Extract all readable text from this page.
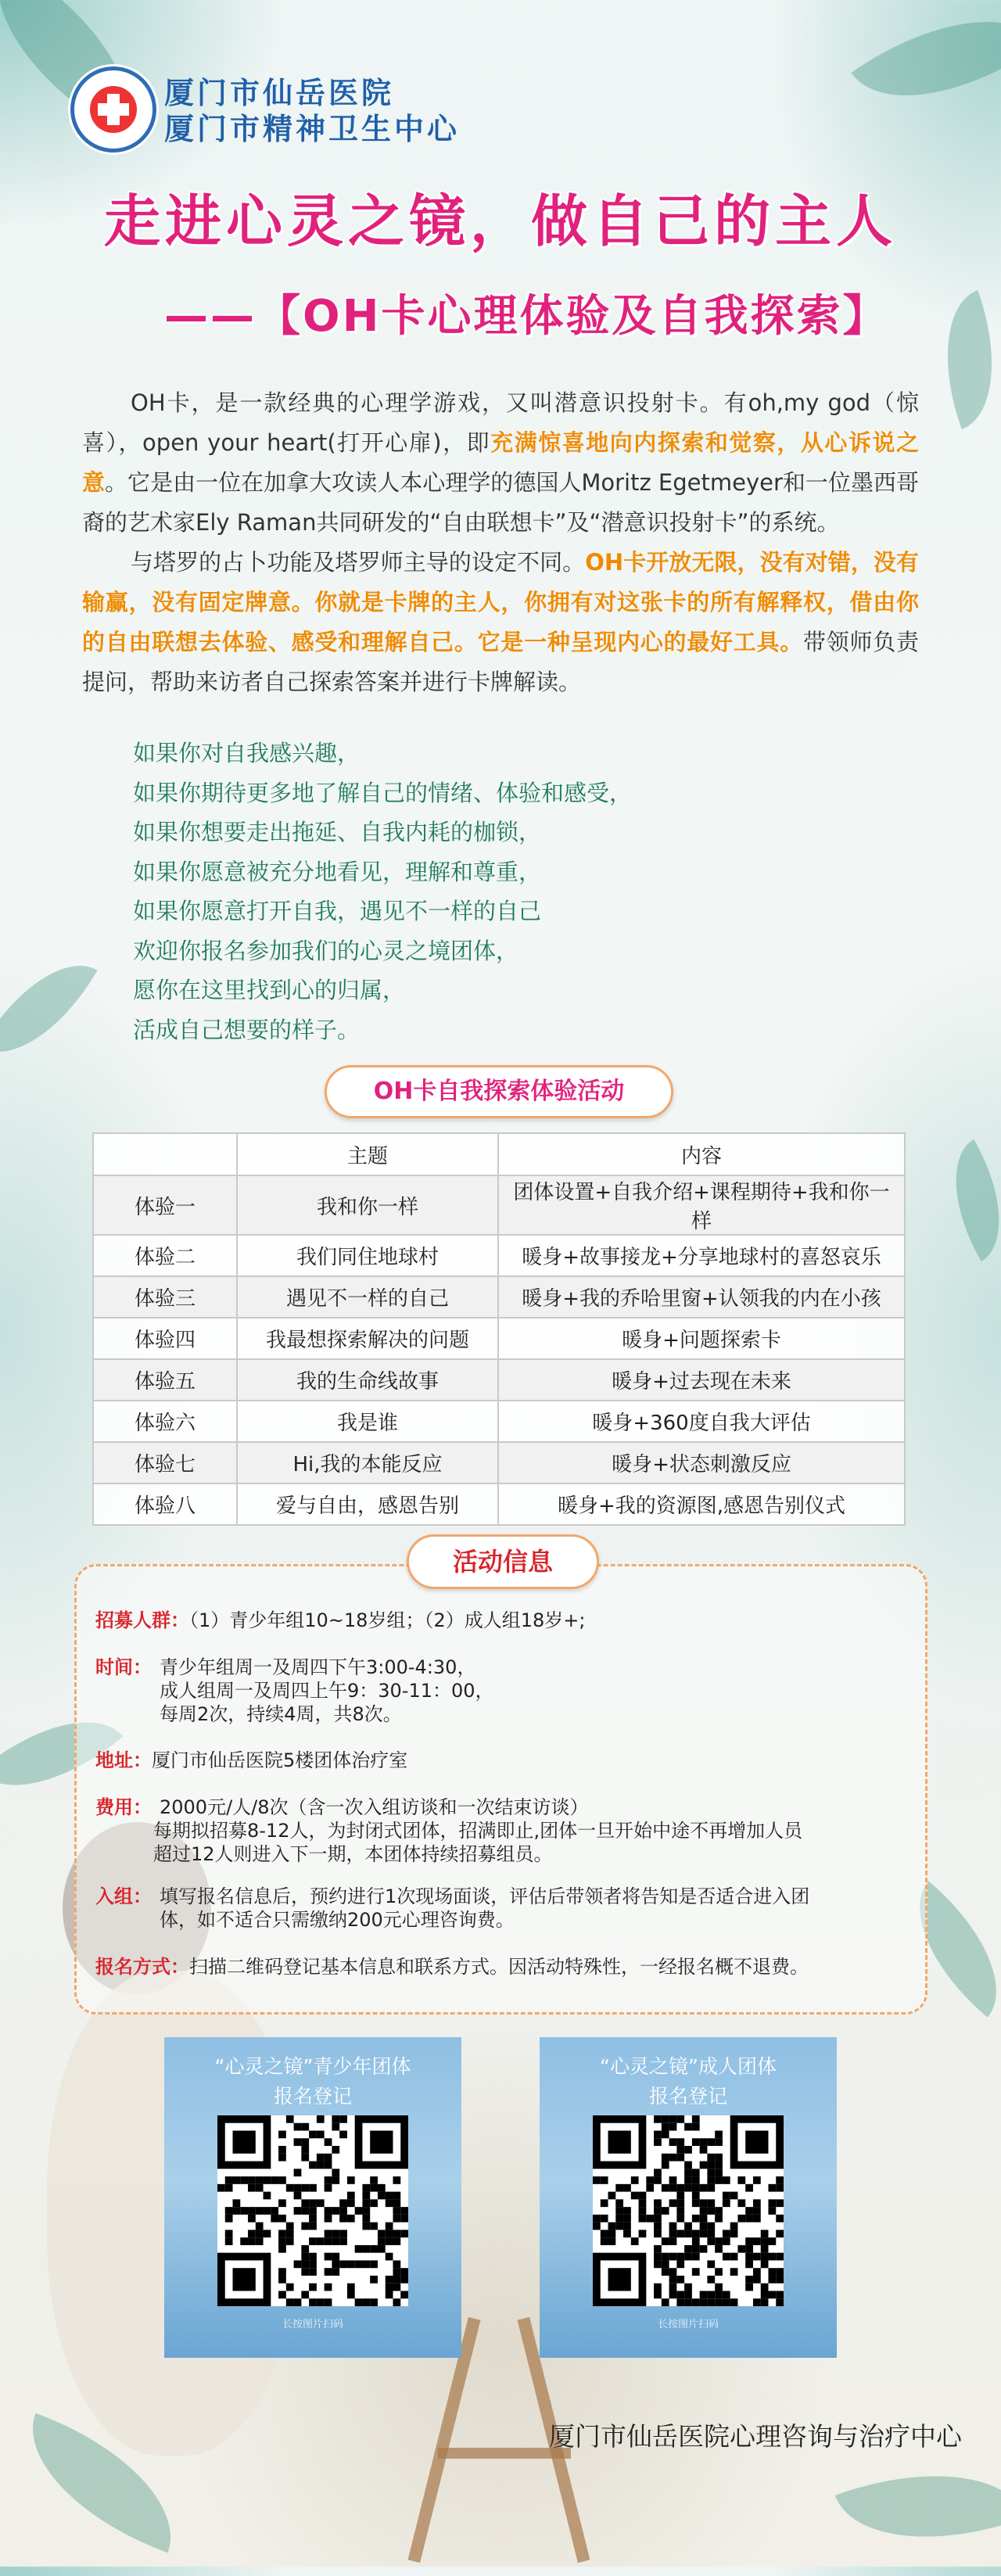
厦门市仙岳医院
厦门市精神卫生中心
走进心灵之镜，做自己的主人
——【OH卡心理体验及自我探索】

OH卡，是一款经典的心理学游戏，又叫潜意识投射卡。有oh,my god（惊喜），open your heart(打开心扉)，即充满惊喜地向内探索和觉察，从心诉说之意。它是由一位在加拿大攻读人本心理学的德国人Moritz Egetmeyer和一位墨西哥裔的艺术家Ely Raman共同研发的“自由联想卡”及“潜意识投射卡”的系统。

与塔罗的占卜功能及塔罗师主导的设定不同。OH卡开放无限，没有对错，没有输赢，没有固定牌意。你就是卡牌的主人，你拥有对这张卡的所有解释权，借由你的自由联想去体验、感受和理解自己。它是一种呈现内心的最好工具。带领师负责提问，帮助来访者自己探索答案并进行卡牌解读。

如果你对自我感兴趣，
如果你期待更多地了解自己的情绪、体验和感受，
如果你想要走出拖延、自我内耗的枷锁，
如果你愿意被充分地看见，理解和尊重，
如果你愿意打开自我，遇见不一样的自己
欢迎你报名参加我们的心灵之境团体，
愿你在这里找到心的归属，
活成自己想要的样子。
OH卡自我探索体验活动
	主题	内容
体验一	我和你一样	团体设置+自我介绍+课程期待+我和你一样
体验二	我们同住地球村	暖身+故事接龙+分享地球村的喜怒哀乐
体验三	遇见不一样的自己	暖身+我的乔哈里窗+认领我的内在小孩
体验四	我最想探索解决的问题	暖身+问题探索卡
体验五	我的生命线故事	暖身+过去现在未来
体验六	我是谁	暖身+360度自我大评估
体验七	Hi,我的本能反应	暖身+状态刺激反应
体验八	爱与自由，感恩告别	暖身+我的资源图,感恩告别仪式
活动信息
招募人群：（1）青少年组10~18岁组；（2）成人组18岁+;
时间： 青少年组周一及周四下午3:00-4:30，
成人组周一及周四上午9：30-11：00，
每周2次，持续4周，共8次。
地址：厦门市仙岳医院5楼团体治疗室
费用： 2000元/人/8次（含一次入组访谈和一次结束访谈）
每期拟招募8-12人，为封闭式团体，招满即止,团体一旦开始中途不再增加人员
超过12人则进入下一期，本团体持续招募组员。
入组： 填写报名信息后，预约进行1次现场面谈，评估后带领者将告知是否适合进入团
体，如不适合只需缴纳200元心理咨询费。
报名方式：扫描二维码登记基本信息和联系方式。因活动特殊性，一经报名概不退费。
“心灵之镜”青少年团体
报名登记
长按图片扫码
“心灵之镜”成人团体
报名登记
长按图片扫码
厦门市仙岳医院心理咨询与治疗中心
